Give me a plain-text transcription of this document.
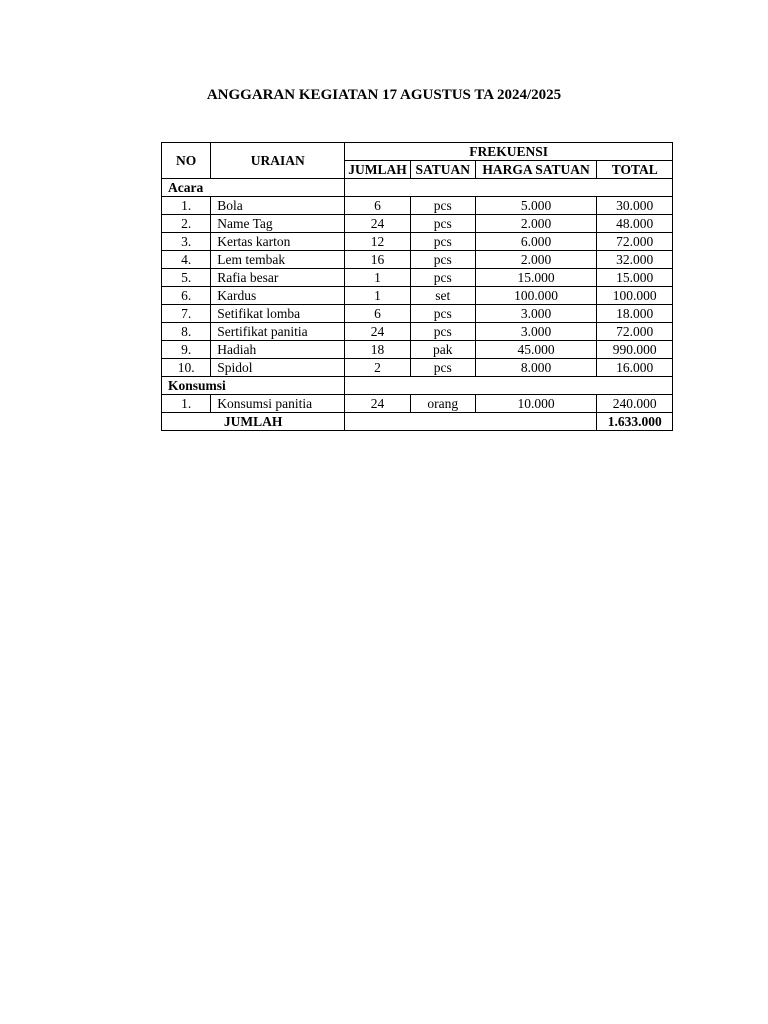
ANGGARAN KEGIATAN 17 AGUSTUS TA 2024/2025
NO	URAIAN	FREKUENSI			
		JUMLAH	SATUAN	HARGA SATUAN	TOTAL
Acara					
1.	Bola	6	pcs	5.000	30.000
2.	Name Tag	24	pcs	2.000	48.000
3.	Kertas karton	12	pcs	6.000	72.000
4.	Lem tembak	16	pcs	2.000	32.000
5.	Rafia besar	1	pcs	15.000	15.000
6.	Kardus	1	set	100.000	100.000
7.	Setifikat lomba	6	pcs	3.000	18.000
8.	Sertifikat panitia	24	pcs	3.000	72.000
9.	Hadiah	18	pak	45.000	990.000
10.	Spidol	2	pcs	8.000	16.000
Konsumsi					
1.	Konsumsi panitia	24	orang	10.000	240.000
JUMLAH					1.633.000
